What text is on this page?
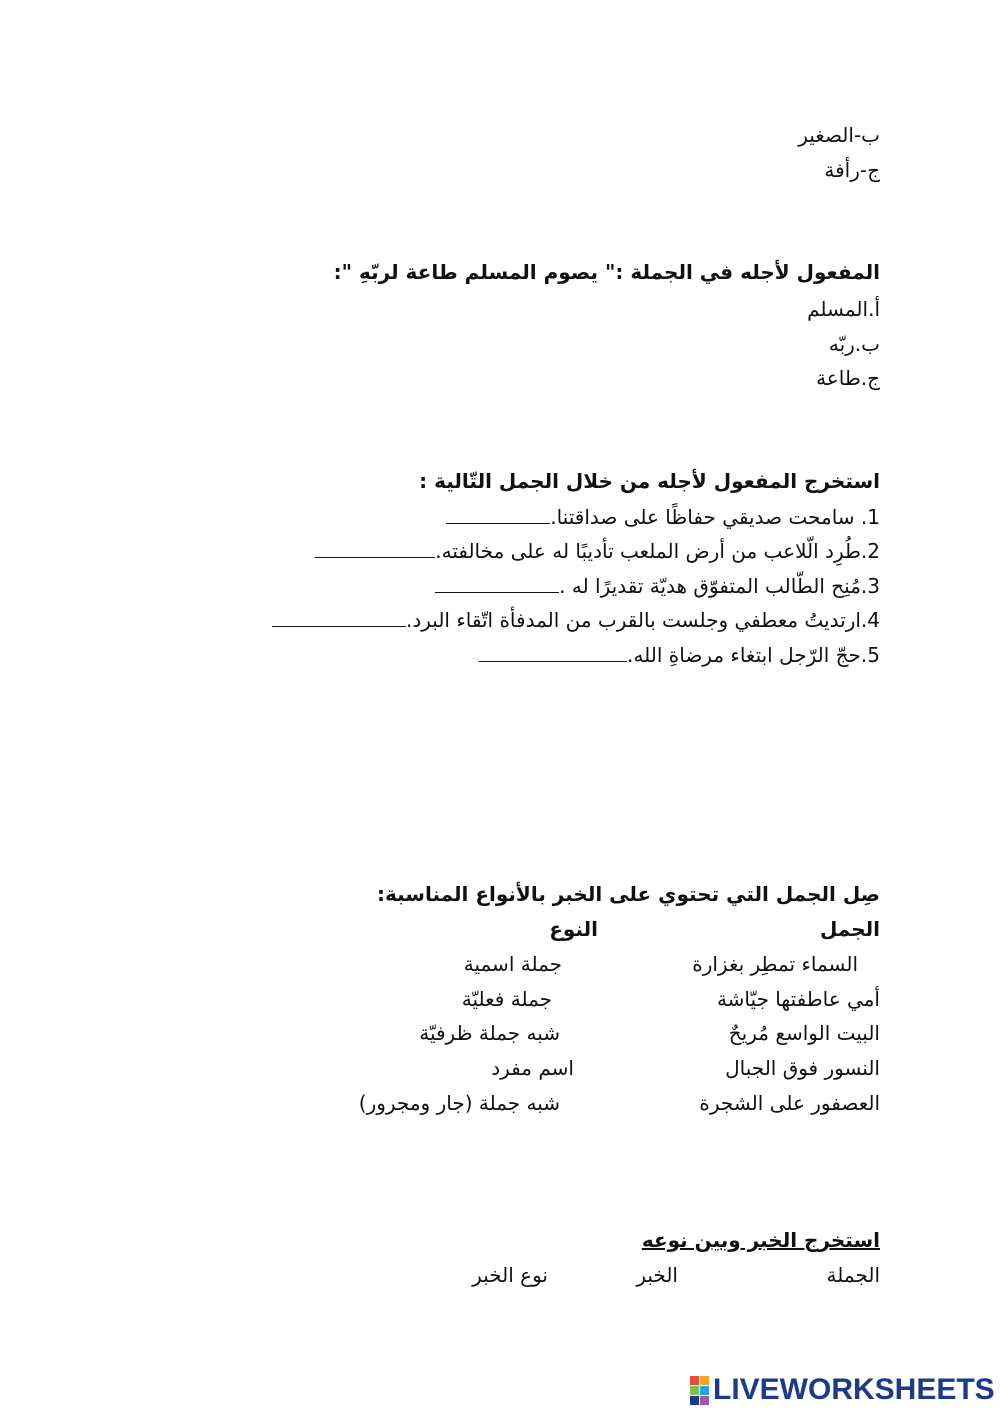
ب-الصغير
ج-رأفة
المفعول لأجله في الجملة :" يصوم المسلم طاعة لربّهِ ":
أ.المسلم
ب.ربّه
ج.طاعة
استخرج المفعول لأجله من خلال الجمل التّالية :
1. سامحت صديقي حفاظًا على صداقتنا.
2.طُرِد الّلاعب من أرض الملعب تأديبًا له على مخالفته.
3.مُنِح الطّالب المتفوّق هديّة تقديرًا له .
4.ارتديتُ معطفي وجلست بالقرب من المدفأة اتّقاء البرد.
5.حجّ الرّجل ابتغاء مرضاةِ الله.
صِل الجمل التي تحتوي على الخبر بالأنواع المناسبة:
الجمل
النوع
السماء تمطِر بغزارة
أمي عاطفتها جيّاشة
البيت الواسع مُريحٌ
النسور فوق الجبال
العصفور على الشجرة
جملة اسمية
جملة فعليّة
شبه جملة ظرفيّة
اسم مفرد
شبه جملة (جار ومجرور)
استخرج الخبر وبين نوعه
الجملة
الخبر
نوع الخبر
LIVEWORKSHEETS
